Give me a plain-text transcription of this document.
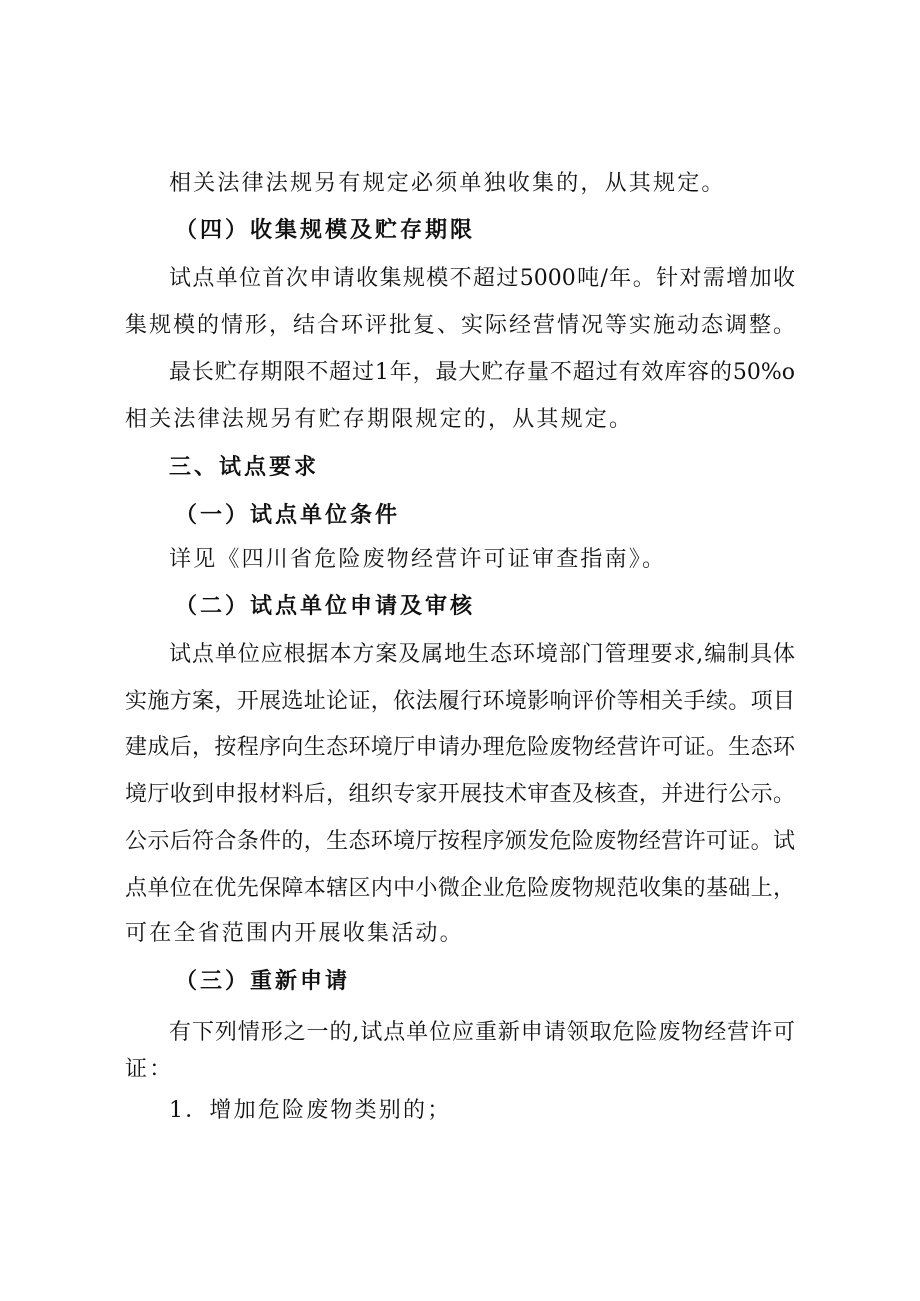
相关法律法规另有规定必须单独收集的，从其规定。
（四）收集规模及贮存期限
试点单位首次申请收集规模不超过5000吨/年。针对需增加收
集规模的情形，结合环评批复、实际经营情况等实施动态调整。
最长贮存期限不超过1年，最大贮存量不超过有效库容的50%o
相关法律法规另有贮存期限规定的，从其规定。
三、试点要求
（一）试点单位条件
详见《四川省危险废物经营许可证审查指南》。
（二）试点单位申请及审核
试点单位应根据本方案及属地生态环境部门管理要求,编制具体
实施方案，开展选址论证，依法履行环境影响评价等相关手续。项目
建成后，按程序向生态环境厅申请办理危险废物经营许可证。生态环
境厅收到申报材料后，组织专家开展技术审查及核查，并进行公示。
公示后符合条件的，生态环境厅按程序颁发危险废物经营许可证。试
点单位在优先保障本辖区内中小微企业危险废物规范收集的基础上，
可在全省范围内开展收集活动。
（三）重新申请
有下列情形之一的,试点单位应重新申请领取危险废物经营许可
证：
1．增加危险废物类别的；
